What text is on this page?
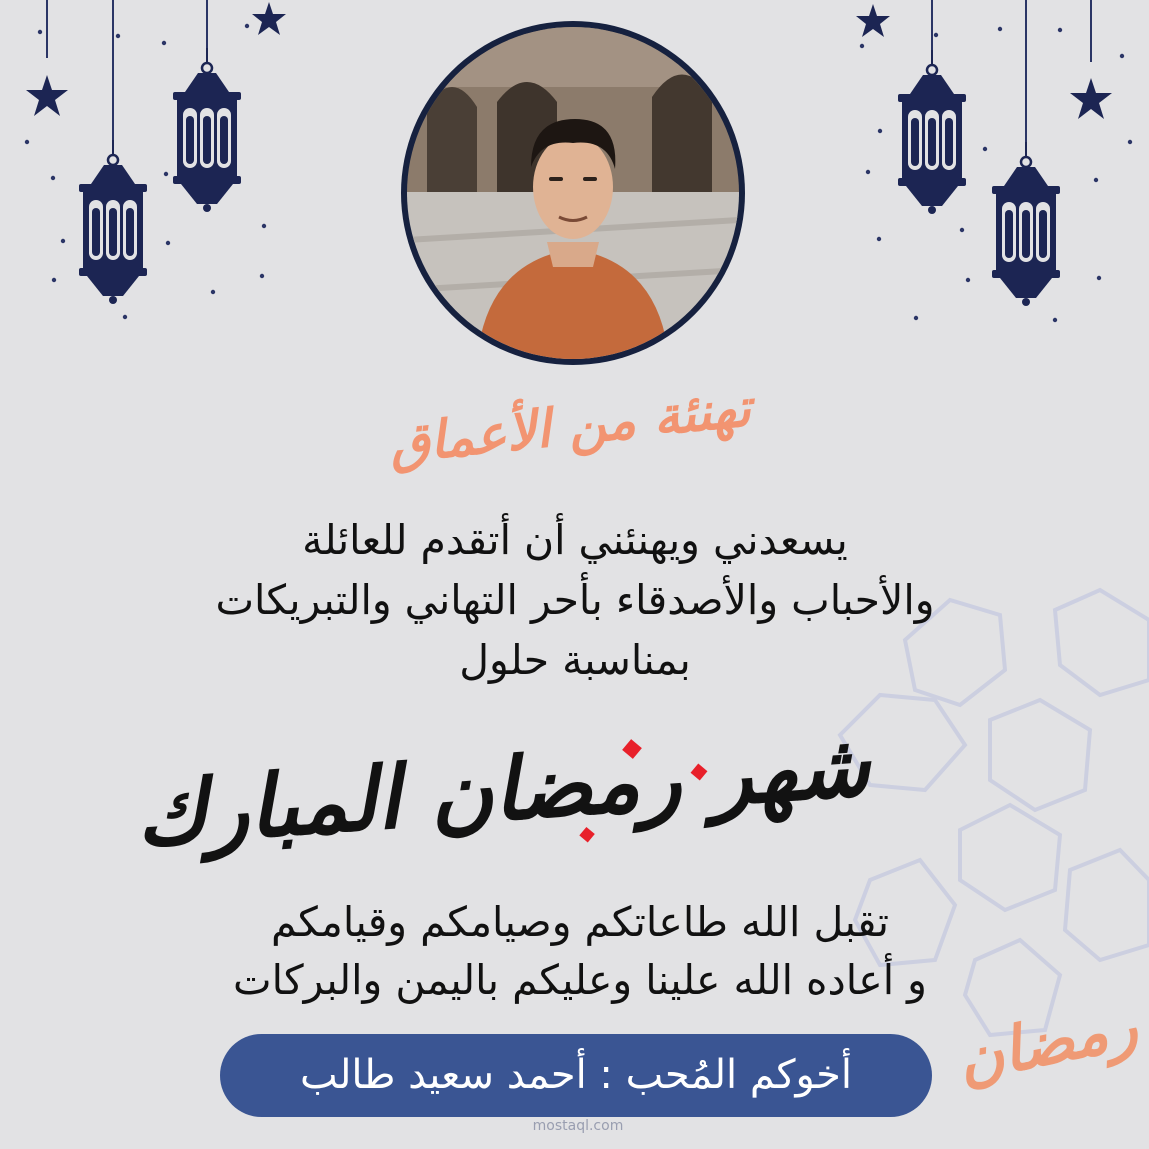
تهنئة من الأعماق

يسعدني ويهنئني أن أتقدم للعائلة
والأحباب والأصدقاء بأحر التهاني والتبريكات
بمناسبة حلول

شهر رمضان المبارك

تقبل الله طاعاتكم وصيامكم وقيامكم
و أعاده الله علينا وعليكم باليمن والبركات

أخوكم المُحب : أحمد سعيد طالب
mostaql.com
رمضان
